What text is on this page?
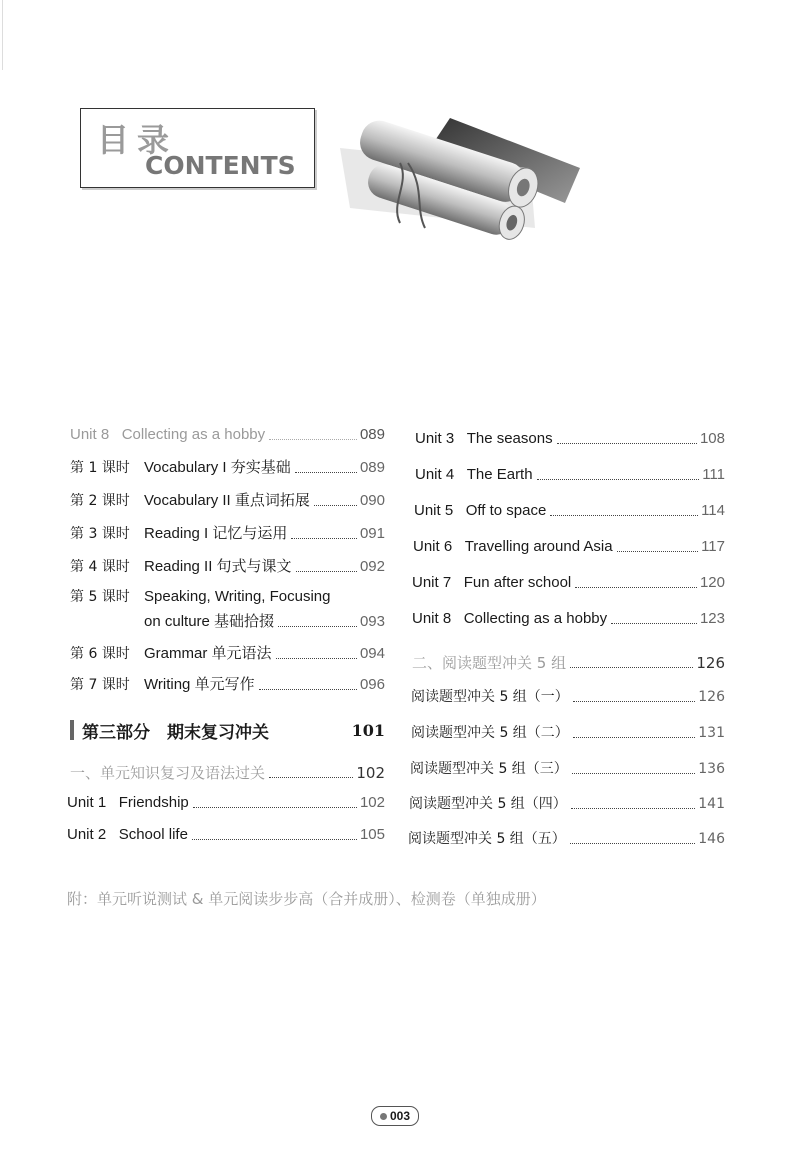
目录
CONTENTS
Unit 8 Collecting as a hobby	089
第 1 课时 Vocabulary I 夯实基础	089
第 2 课时 Vocabulary II 重点词拓展	090
第 3 课时 Reading I 记忆与运用	091
第 4 课时 Reading II 句式与课文	092
第 5 课时 Speaking, Writing, Focusing
on culture 基础拾掇	093
第 6 课时 Grammar 单元语法	094
第 7 课时 Writing 单元写作	096
第三部分　期末复习冲关	101
一、单元知识复习及语法过关	102
Unit 1 Friendship	102
Unit 2 School life	105
Unit 3 The seasons	108
Unit 4 The Earth	111
Unit 5 Off to space	114
Unit 6 Travelling around Asia	117
Unit 7 Fun after school	120
Unit 8 Collecting as a hobby	123
二、阅读题型冲关 5 组	126
阅读题型冲关 5 组（一）	126
阅读题型冲关 5 组（二）	131
阅读题型冲关 5 组（三）	136
阅读题型冲关 5 组（四）	141
阅读题型冲关 5 组（五）	146
附：单元听说测试 & 单元阅读步步高（合并成册）、检测卷（单独成册）
003
